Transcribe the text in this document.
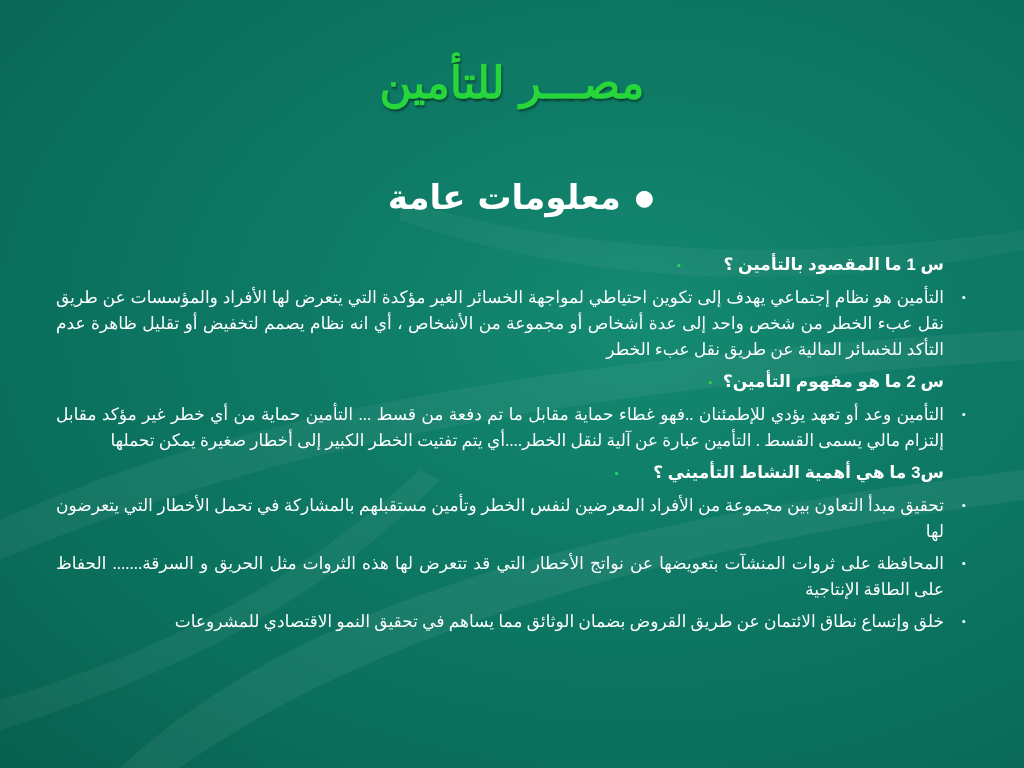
مصـــر للتأمين
●
معلومات عامة
س 1 ما المقصود بالتأمين ؟ •
•
التأمين هو نظام إجتماعي يهدف إلى تكوين احتياطي لمواجهة الخسائر الغير مؤكدة التي يتعرض لها الأفراد والمؤسسات عن طريق نقل عبء الخطر من شخص واحد إلى عدة أشخاص أو مجموعة من الأشخاص ، أي انه نظام يصمم لتخفيض أو تقليل ظاهرة عدم التأكد للخسائر المالية عن طريق نقل عبء الخطر
س 2 ما هو مفهوم التأمين؟ •
•
التأمين وعد أو تعهد يؤدي للإطمئنان ..فهو غطاء حماية مقابل ما تم دفعة من قسط ... التأمين حماية من أي خطر غير مؤكد مقابل إلتزام مالي يسمى القسط . التأمين عبارة عن آلية لنقل الخطر....أي يتم تفتيت الخطر الكبير إلى أخطار صغيرة يمكن تحملها
س3 ما هي أهمية النشاط التأميني ؟ •
•
تحقيق مبدأ التعاون بين مجموعة من الأفراد المعرضين لنفس الخطر وتأمين مستقبلهم بالمشاركة في تحمل الأخطار التي يتعرضون لها
•
المحافظة على ثروات المنشآت بتعويضها عن نواتج الأخطار التي قد تتعرض لها هذه الثروات مثل الحريق و السرقة....... الحفاظ على الطاقة الإنتاجية
•
خلق وإتساع نطاق الائتمان عن طريق القروض بضمان الوثائق مما يساهم في تحقيق النمو الاقتصادي للمشروعات
